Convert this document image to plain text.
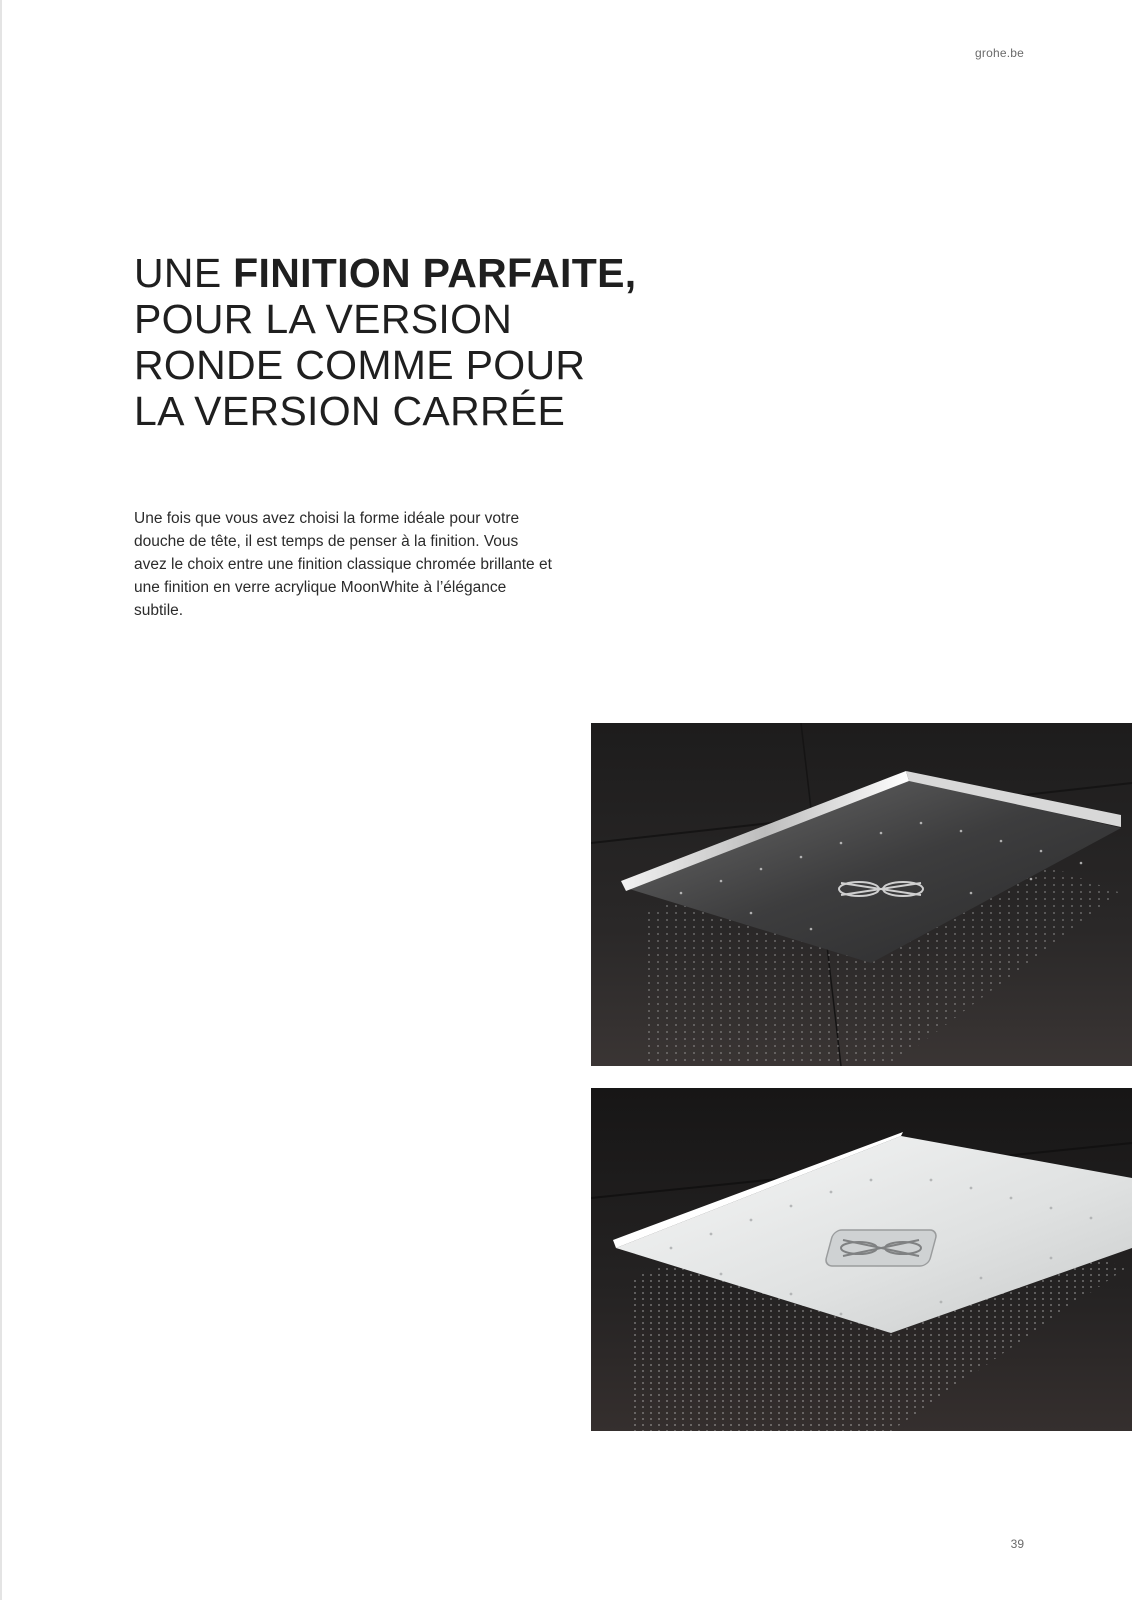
grohe.be
UNE FINITION PARFAITE,
POUR LA VERSION
RONDE COMME POUR
LA VERSION CARRÉE

Une fois que vous avez choisi la forme idéale pour votre douche de tête, il est temps de penser à la finition. Vous avez le choix entre une finition classique chromée brillante et une finition en verre acrylique MoonWhite à l’élégance subtile.

39
